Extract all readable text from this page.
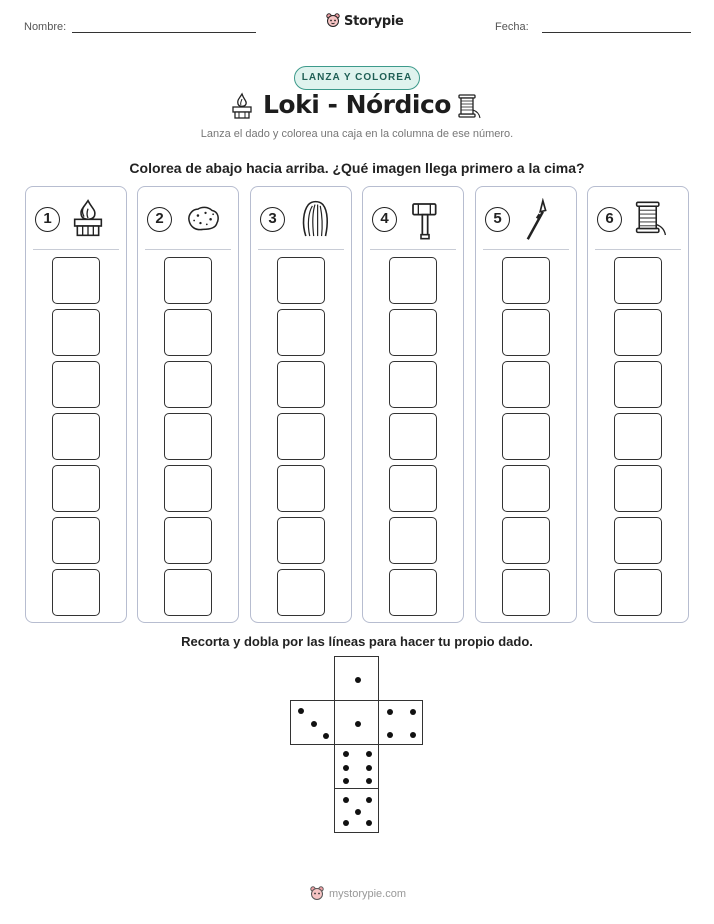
Nombre:	Storypie	Fecha:
LANZA Y COLOREA
Loki - Nórdico
Lanza el dado y colorea una caja en la columna de ese número.
Colorea de abajo hacia arriba. ¿Qué imagen llega primero a la cima?
1	2	3	4	5	6
Recorta y dobla por las líneas para hacer tu propio dado.
mystorypie.com
